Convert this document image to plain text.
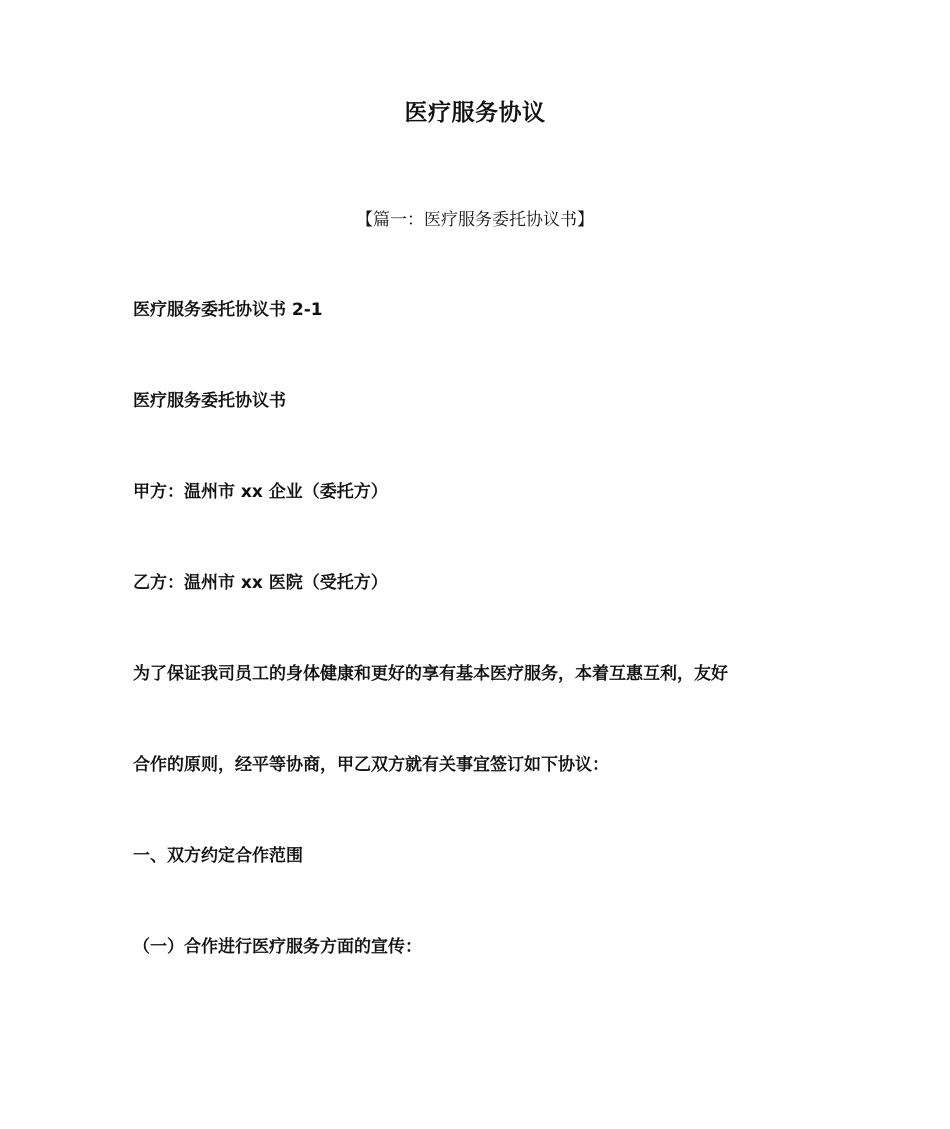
医疗服务协议
【篇一：医疗服务委托协议书】
医疗服务委托协议书 2-1
医疗服务委托协议书
甲方：温州市 xx 企业（委托方）
乙方：温州市 xx 医院（受托方）
为了保证我司员工的身体健康和更好的享有基本医疗服务，本着互惠互利，友好
合作的原则，经平等协商，甲乙双方就有关事宜签订如下协议：
一、双方约定合作范围
（一）合作进行医疗服务方面的宣传：
